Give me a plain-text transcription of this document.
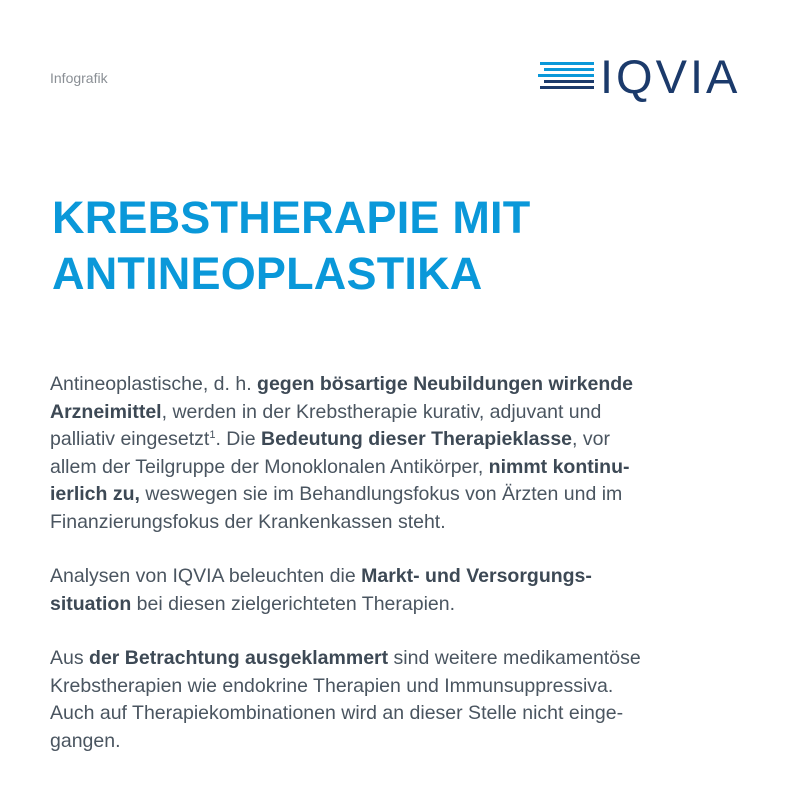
Infografik	IQVIA
KREBSTHERAPIE MIT
ANTINEOPLASTIKA

Antineoplastische, d. h. gegen bösartige Neubildungen wirkende
Arzneimittel, werden in der Krebstherapie kurativ, adjuvant und
palliativ eingesetzt$^1$. Die Bedeutung dieser Therapieklasse, vor
allem der Teilgruppe der Monoklonalen Antikörper, nimmt kontinu-
ierlich zu, weswegen sie im Behandlungsfokus von Ärzten und im
Finanzierungsfokus der Krankenkassen steht.

Analysen von IQVIA beleuchten die Markt- und Versorgungs-
situation bei diesen zielgerichteten Therapien.

Aus der Betrachtung ausgeklammert sind weitere medikamentöse
Krebstherapien wie endokrine Therapien und Immunsuppressiva.
Auch auf Therapiekombinationen wird an dieser Stelle nicht einge-
gangen.
